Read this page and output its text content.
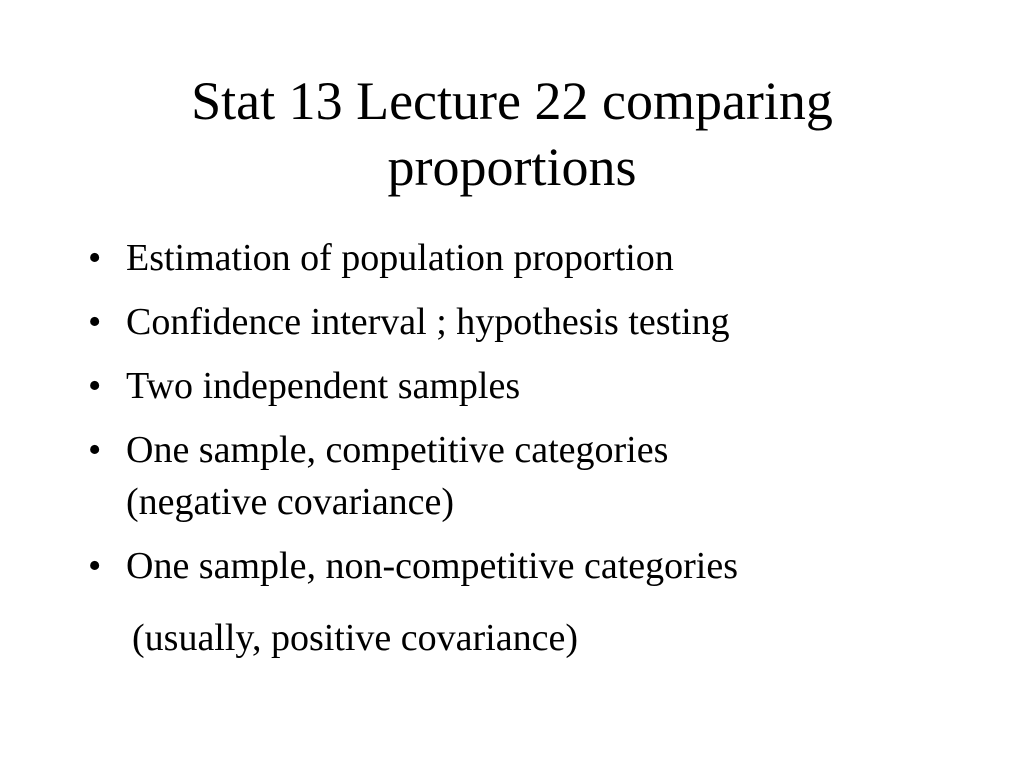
Stat 13 Lecture 22 comparing
proportions
• Estimation of population proportion
• Confidence interval ; hypothesis testing
• Two independent samples
• One sample, competitive categories
(negative covariance)
• One sample, non-competitive categories
(usually, positive covariance)
